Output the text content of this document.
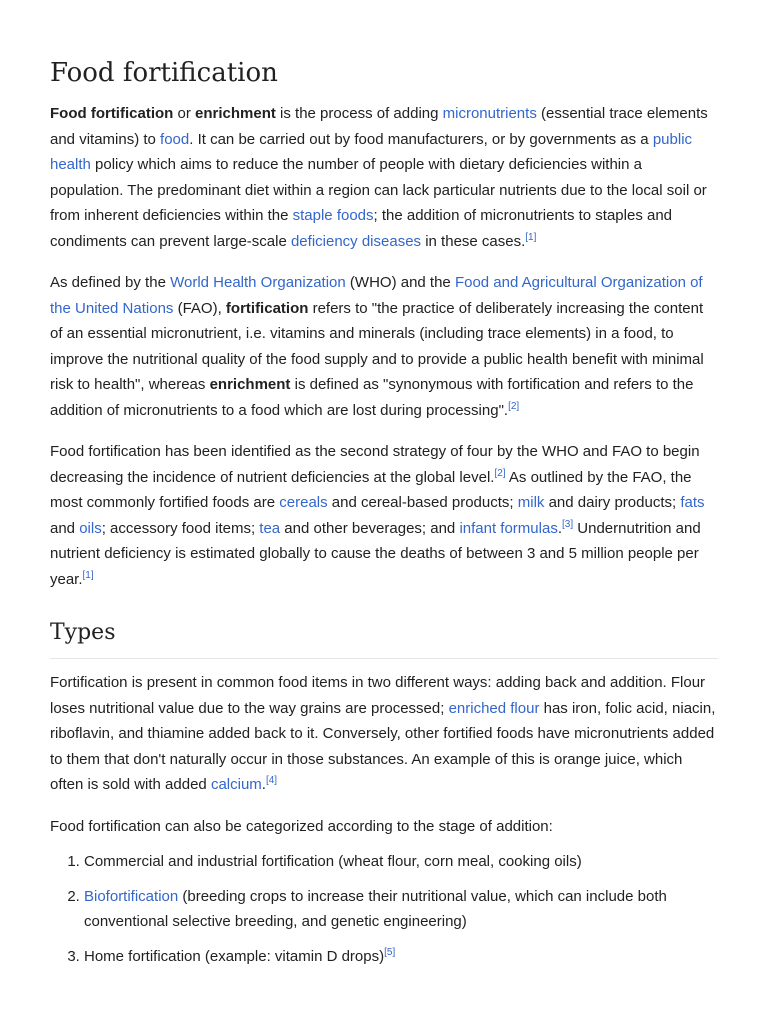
Food fortification

Food fortification or enrichment is the process of adding micronutrients (essential trace elements and vitamins) to food. It can be carried out by food manufacturers, or by governments as a public health policy which aims to reduce the number of people with dietary deficiencies within a population. The predominant diet within a region can lack particular nutrients due to the local soil or from inherent deficiencies within the staple foods; the addition of micronutrients to staples and condiments can prevent large-scale deficiency diseases in these cases.[1]

As defined by the World Health Organization (WHO) and the Food and Agricultural Organization of the United Nations (FAO), fortification refers to "the practice of deliberately increasing the content of an essential micronutrient, i.e. vitamins and minerals (including trace elements) in a food, to improve the nutritional quality of the food supply and to provide a public health benefit with minimal risk to health", whereas enrichment is defined as "synonymous with fortification and refers to the addition of micronutrients to a food which are lost during processing".[2]

Food fortification has been identified as the second strategy of four by the WHO and FAO to begin decreasing the incidence of nutrient deficiencies at the global level.[2] As outlined by the FAO, the most commonly fortified foods are cereals and cereal-based products; milk and dairy products; fats and oils; accessory food items; tea and other beverages; and infant formulas.[3] Undernutrition and nutrient deficiency is estimated globally to cause the deaths of between 3 and 5 million people per year.[1]

Types

Fortification is present in common food items in two different ways: adding back and addition. Flour loses nutritional value due to the way grains are processed; enriched flour has iron, folic acid, niacin, riboflavin, and thiamine added back to it. Conversely, other fortified foods have micronutrients added to them that don't naturally occur in those substances. An example of this is orange juice, which often is sold with added calcium.[4]

Food fortification can also be categorized according to the stage of addition:

1. Commercial and industrial fortification (wheat flour, corn meal, cooking oils)
2. Biofortification (breeding crops to increase their nutritional value, which can include both conventional selective breeding, and genetic engineering)
3. Home fortification (example: vitamin D drops)[5]
